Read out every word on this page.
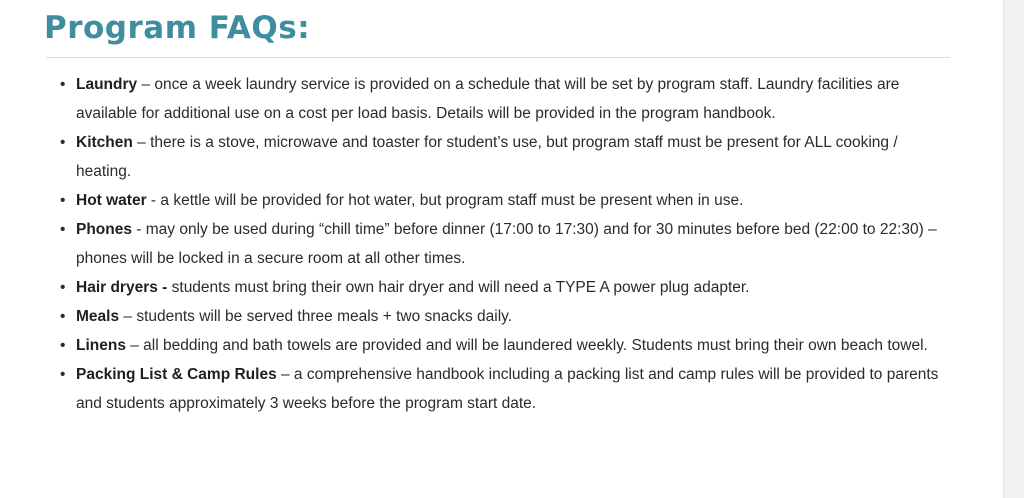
Program FAQs:
• Laundry – once a week laundry service is provided on a schedule that will be set by program staff. Laundry facilities are available for additional use on a cost per load basis. Details will be provided in the program handbook.
• Kitchen – there is a stove, microwave and toaster for student’s use, but program staff must be present for ALL cooking / heating.
• Hot water - a kettle will be provided for hot water, but program staff must be present when in use.
• Phones - may only be used during “chill time” before dinner (17:00 to 17:30) and for 30 minutes before bed (22:00 to 22:30) – phones will be locked in a secure room at all other times.
• Hair dryers - students must bring their own hair dryer and will need a TYPE A power plug adapter.
• Meals – students will be served three meals + two snacks daily.
• Linens – all bedding and bath towels are provided and will be laundered weekly. Students must bring their own beach towel.
• Packing List & Camp Rules – a comprehensive handbook including a packing list and camp rules will be provided to parents and students approximately 3 weeks before the program start date.
